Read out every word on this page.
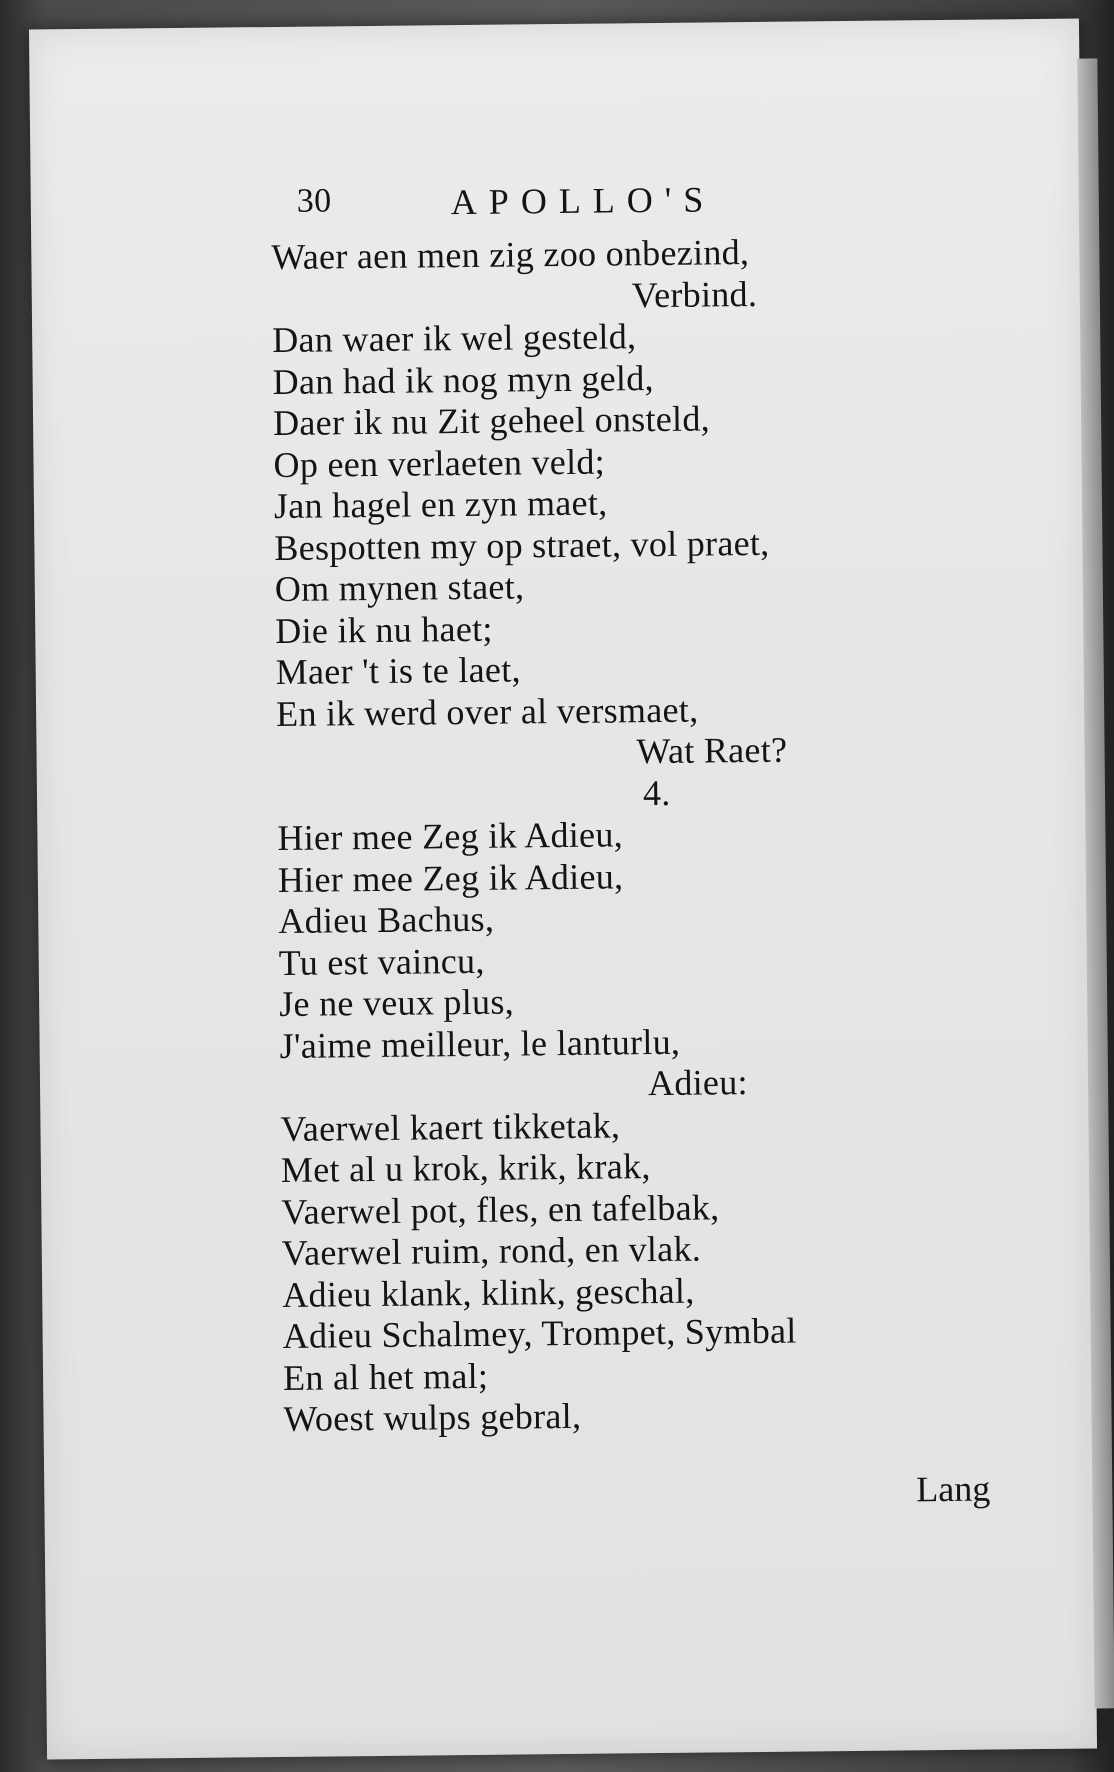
30	APOLLO'S
Waer aen men zig zoo onbezind,
Verbind.
Dan waer ik wel gesteld,
Dan had ik nog myn geld,
Daer ik nu Zit geheel onsteld,
Op een verlaeten veld;
Jan hagel en zyn maet,
Bespotten my op straet, vol praet,
Om mynen staet,
Die ik nu haet;
Maer 't is te laet,
En ik werd over al versmaet,
Wat Raet?
4.
Hier mee Zeg ik Adieu,
Hier mee Zeg ik Adieu,
Adieu Bachus,
Tu est vaincu,
Je ne veux plus,
J'aime meilleur, le lanturlu,
Adieu:
Vaerwel kaert tikketak,
Met al u krok, krik, krak,
Vaerwel pot, fles, en tafelbak,
Vaerwel ruim, rond, en vlak.
Adieu klank, klink, geschal,
Adieu Schalmey, Trompet, Symbal
En al het mal;
Woest wulps gebral,
Lang
